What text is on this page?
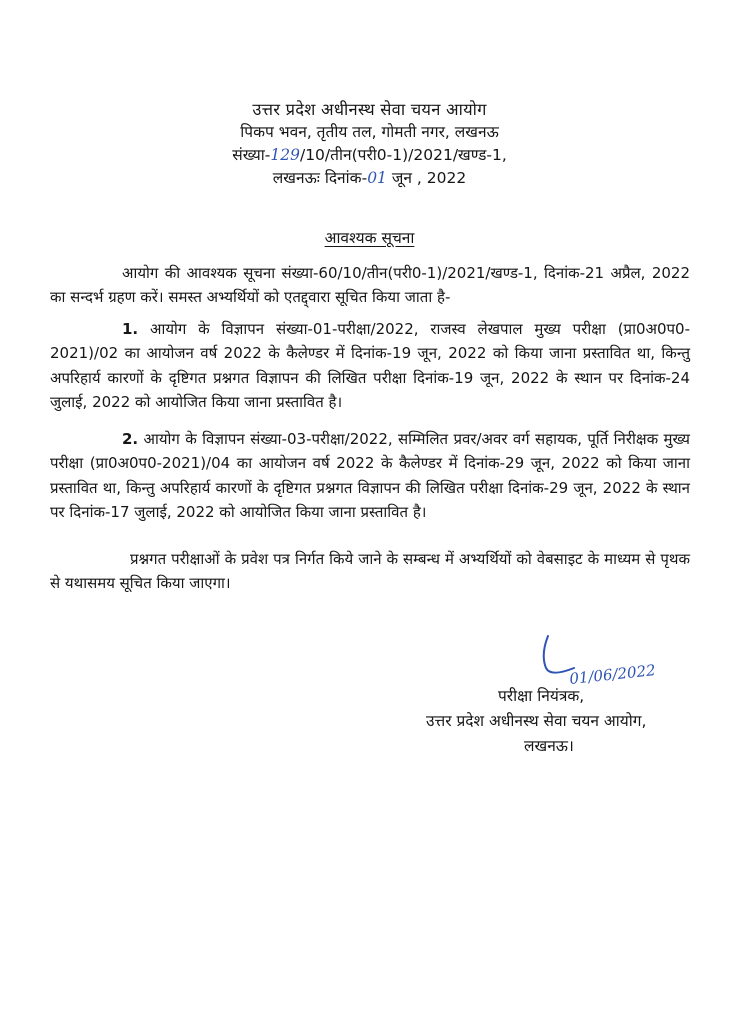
उत्तर प्रदेश अधीनस्थ सेवा चयन आयोग
पिकप भवन, तृतीय तल, गोमती नगर, लखनऊ
संख्या-129/10/तीन(परी0-1)/2021/खण्ड-1,
लखनऊः दिनांक-01 जून , 2022
आवश्यक सूचना

आयोग की आवश्यक सूचना संख्या-60/10/तीन(परी0-1)/2021/खण्ड-1, दिनांक-21 अप्रैल, 2022 का सन्दर्भ ग्रहण करें। समस्त अभ्यर्थियों को एतद्द्वारा सूचित किया जाता है-

1. आयोग के विज्ञापन संख्या-01-परीक्षा/2022, राजस्व लेखपाल मुख्य परीक्षा (प्रा0अ0प0-2021)/02 का आयोजन वर्ष 2022 के कैलेण्डर में दिनांक-19 जून, 2022 को किया जाना प्रस्तावित था, किन्तु अपरिहार्य कारणों के दृष्टिगत प्रश्नगत विज्ञापन की लिखित परीक्षा दिनांक-19 जून, 2022 के स्थान पर दिनांक-24 जुलाई, 2022 को आयोजित किया जाना प्रस्तावित है।

2. आयोग के विज्ञापन संख्या-03-परीक्षा/2022, सम्मिलित प्रवर/अवर वर्ग सहायक, पूर्ति निरीक्षक मुख्य परीक्षा (प्रा0अ0प0-2021)/04 का आयोजन वर्ष 2022 के कैलेण्डर में दिनांक-29 जून, 2022 को किया जाना प्रस्तावित था, किन्तु अपरिहार्य कारणों के दृष्टिगत प्रश्नगत विज्ञापन की लिखित परीक्षा दिनांक-29 जून, 2022 के स्थान पर दिनांक-17 जुलाई, 2022 को आयोजित किया जाना प्रस्तावित है।

प्रश्नगत परीक्षाओं के प्रवेश पत्र निर्गत किये जाने के सम्बन्ध में अभ्यर्थियों को वेबसाइट के माध्यम से पृथक से यथासमय सूचित किया जाएगा।

01/06/2022
परीक्षा नियंत्रक,
उत्तर प्रदेश अधीनस्थ सेवा चयन आयोग,
लखनऊ।
